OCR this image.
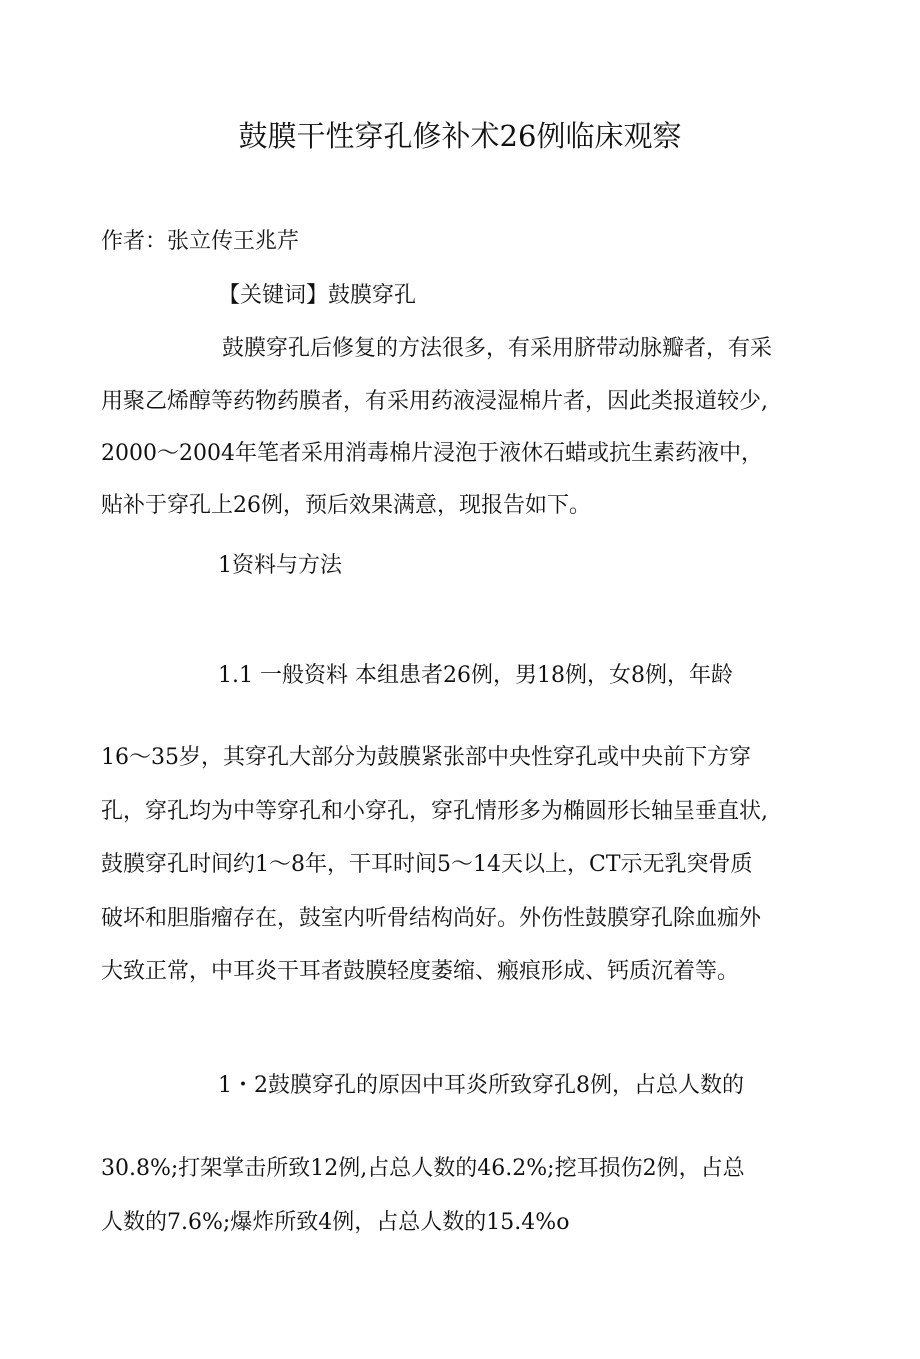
鼓膜干性穿孔修补术26例临床观察

作者：张立传王兆芹

【关键词】鼓膜穿孔

鼓膜穿孔后修复的方法很多，有采用脐带动脉瓣者，有采

用聚乙烯醇等药物药膜者，有采用药液浸湿棉片者，因此类报道较少,

2000～2004年笔者采用消毒棉片浸泡于液休石蜡或抗生素药液中，

贴补于穿孔上26例，预后效果满意，现报告如下。

1资料与方法

1.1 一般资料 本组患者26例，男18例，女8例，年龄

16～35岁，其穿孔大部分为鼓膜紧张部中央性穿孔或中央前下方穿

孔，穿孔均为中等穿孔和小穿孔，穿孔情形多为椭圆形长轴呈垂直状,

鼓膜穿孔时间约1～8年，干耳时间5～14天以上，CT示无乳突骨质

破坏和胆脂瘤存在，鼓室内听骨结构尚好。外伤性鼓膜穿孔除血痂外

大致正常，中耳炎干耳者鼓膜轻度萎缩、瘢痕形成、钙质沉着等。

1・2鼓膜穿孔的原因中耳炎所致穿孔8例，占总人数的

30.8%;打架掌击所致12例,占总人数的46.2%;挖耳损伤2例，占总

人数的7.6%;爆炸所致4例，占总人数的15.4%o
